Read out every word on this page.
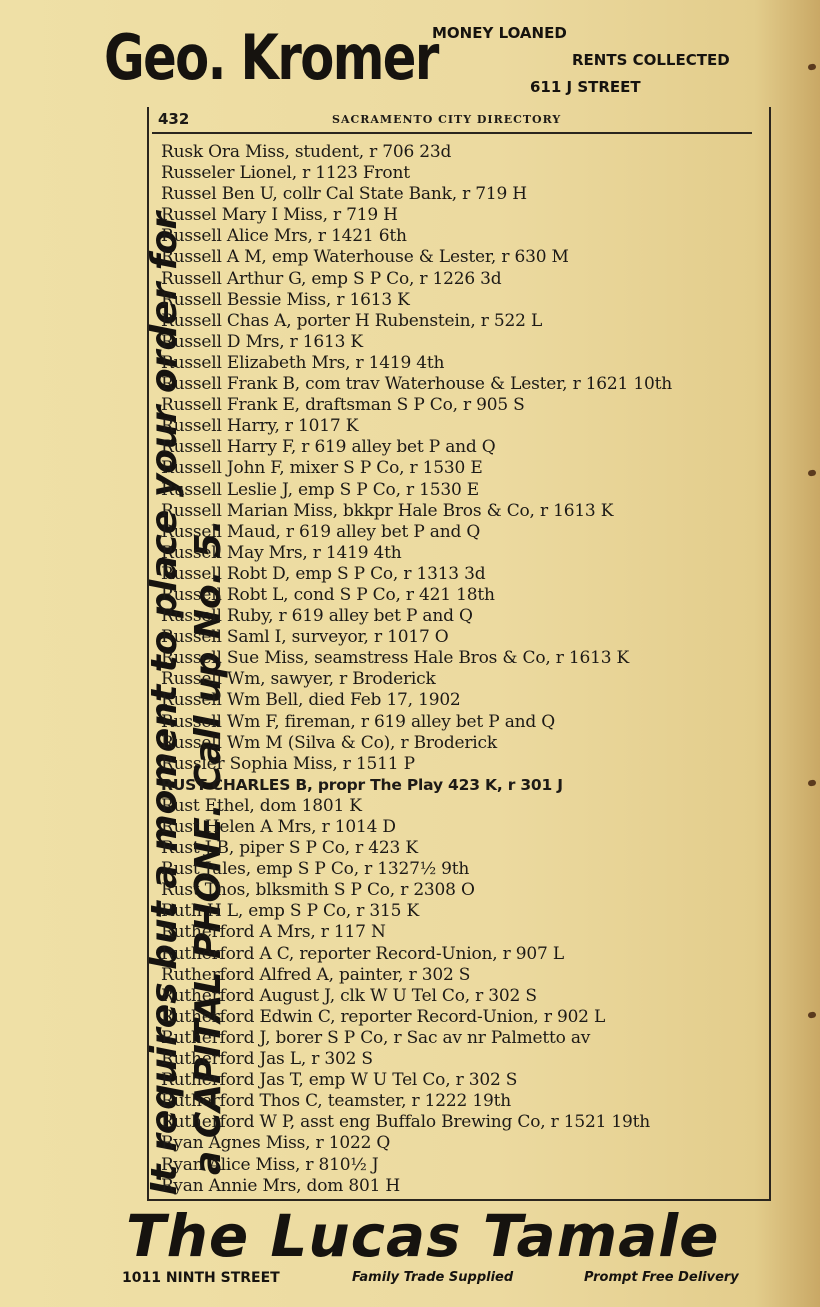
Geo. Kromer
MONEY LOANED
RENTS COLLECTED
611 J STREET
It requires but a moment to place your order for a CAPITAL PHONE. Call up No. 5.
432	SACRAMENTO CITY DIRECTORY
Rusk Ora Miss, student, r 706 23d
Russeler Lionel, r 1123 Front
Russel Ben U, collr Cal State Bank, r 719 H
Russel Mary I Miss, r 719 H
Russell Alice Mrs, r 1421 6th
Russell A M, emp Waterhouse & Lester, r 630 M
Russell Arthur G, emp S P Co, r 1226 3d
Russell Bessie Miss, r 1613 K
Russell Chas A, porter H Rubenstein, r 522 L
Russell D Mrs, r 1613 K
Russell Elizabeth Mrs, r 1419 4th
Russell Frank B, com trav Waterhouse & Lester, r 1621 10th
Russell Frank E, draftsman S P Co, r 905 S
Russell Harry, r 1017 K
Russell Harry F, r 619 alley bet P and Q
Russell John F, mixer S P Co, r 1530 E
Russell Leslie J, emp S P Co, r 1530 E
Russell Marian Miss, bkkpr Hale Bros & Co, r 1613 K
Russell Maud, r 619 alley bet P and Q
Russell May Mrs, r 1419 4th
Russell Robt D, emp S P Co, r 1313 3d
Russell Robt L, cond S P Co, r 421 18th
Russell Ruby, r 619 alley bet P and Q
Russell Saml I, surveyor, r 1017 O
Russell Sue Miss, seamstress Hale Bros & Co, r 1613 K
Russell Wm, sawyer, r Broderick
Russell Wm Bell, died Feb 17, 1902
Russell Wm F, fireman, r 619 alley bet P and Q
Russell Wm M (Silva & Co), r Broderick
Russler Sophia Miss, r 1511 P
RUST CHARLES B, propr The Play 423 K, r 301 J
Rust Ethel, dom 1801 K
Rust Helen A Mrs, r 1014 D
Rust J B, piper S P Co, r 423 K
Rust Jules, emp S P Co, r 1327½ 9th
Rust Thos, blksmith S P Co, r 2308 O
Ruth H L, emp S P Co, r 315 K
Rutherford A Mrs, r 117 N
Rutherford A C, reporter Record-Union, r 907 L
Rutherford Alfred A, painter, r 302 S
Rutherford August J, clk W U Tel Co, r 302 S
Rutherford Edwin C, reporter Record-Union, r 902 L
Rutherford J, borer S P Co, r Sac av nr Palmetto av
Rutherford Jas L, r 302 S
Rutherford Jas T, emp W U Tel Co, r 302 S
Rutherford Thos C, teamster, r 1222 19th
Rutherford W P, asst eng Buffalo Brewing Co, r 1521 19th
Ryan Agnes Miss, r 1022 Q
Ryan Alice Miss, r 810½ J
Ryan Annie Mrs, dom 801 H
The Lucas Tamale
1011 NINTH STREET	Family Trade Supplied	Prompt Free Delivery
